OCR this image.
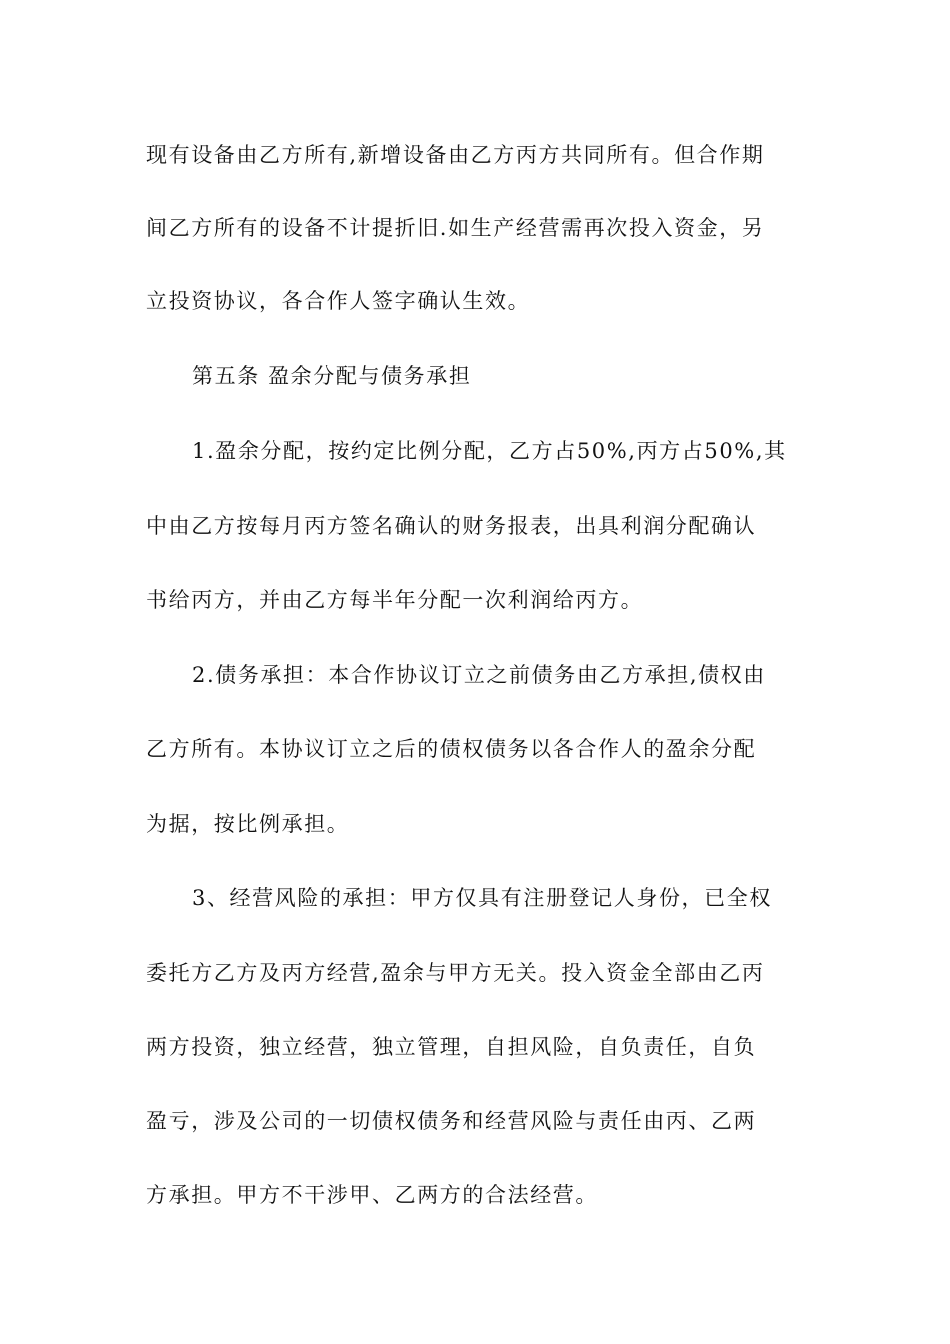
现有设备由乙方所有,新增设备由乙方丙方共同所有。但合作期
间乙方所有的设备不计提折旧.如生产经营需再次投入资金，另
立投资协议，各合作人签字确认生效。
第五条 盈余分配与债务承担
1.盈余分配，按约定比例分配，乙方占50%,丙方占50%,其
中由乙方按每月丙方签名确认的财务报表，出具利润分配确认
书给丙方，并由乙方每半年分配一次利润给丙方。
2.债务承担：本合作协议订立之前债务由乙方承担,债权由
乙方所有。本协议订立之后的债权债务以各合作人的盈余分配
为据，按比例承担。
3、经营风险的承担：甲方仅具有注册登记人身份，已全权
委托方乙方及丙方经营,盈余与甲方无关。投入资金全部由乙丙
两方投资，独立经营，独立管理，自担风险，自负责任，自负
盈亏，涉及公司的一切债权债务和经营风险与责任由丙、乙两
方承担。甲方不干涉甲、乙两方的合法经营。
